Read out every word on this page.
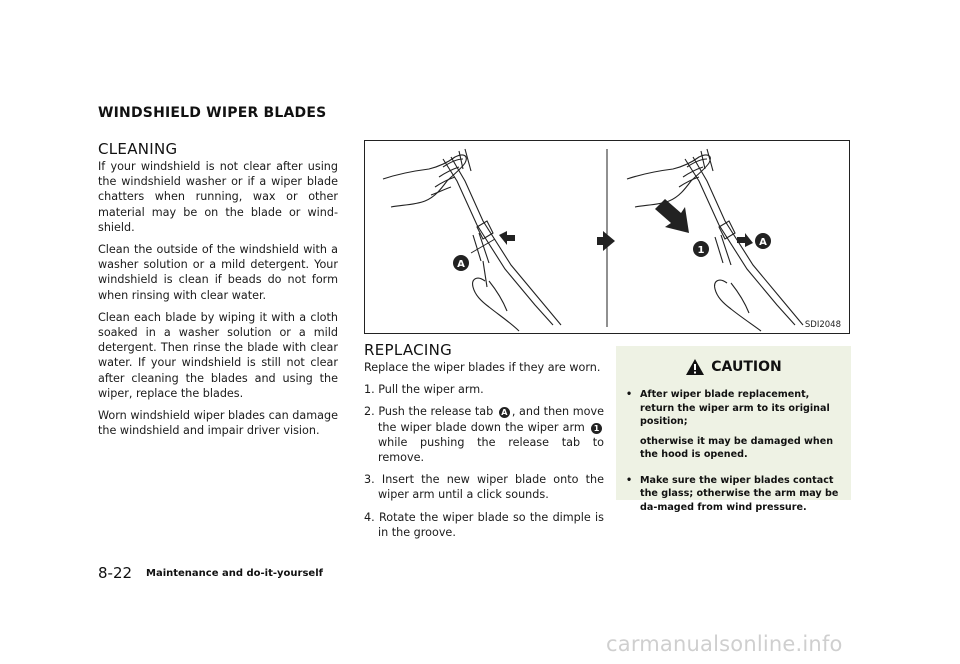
WINDSHIELD WIPER BLADES
CLEANING

If your windshield is not clear after using the windshield washer or if a wiper blade chatters when running, wax or other material may be on the blade or wind-shield.

Clean the outside of the windshield with a washer solution or a mild detergent. Your windshield is clean if beads do not form when rinsing with clear water.

Clean each blade by wiping it with a cloth soaked in a washer solution or a mild detergent. Then rinse the blade with clear water. If your windshield is still not clear after cleaning the blades and using the wiper, replace the blades.

Worn windshield wiper blades can damage the windshield and impair driver vision.

A
1
A
SDI2048
REPLACING

Replace the wiper blades if they are worn.

1. Pull the wiper arm.
2. Push the release tab A , and then move the wiper blade down the wiper arm 1 while pushing the release tab to remove.
3. Insert the new wiper blade onto the wiper arm until a click sounds.
4. Rotate the wiper blade so the dimple is in the groove.
CAUTION
• After wiper blade replacement, return the wiper arm to its original position;

otherwise it may be damaged when the hood is opened.

• Make sure the wiper blades contact the glass; otherwise the arm may be da-maged from wind pressure.

8-22 Maintenance and do-it-yourself
carmanualsonline.info
